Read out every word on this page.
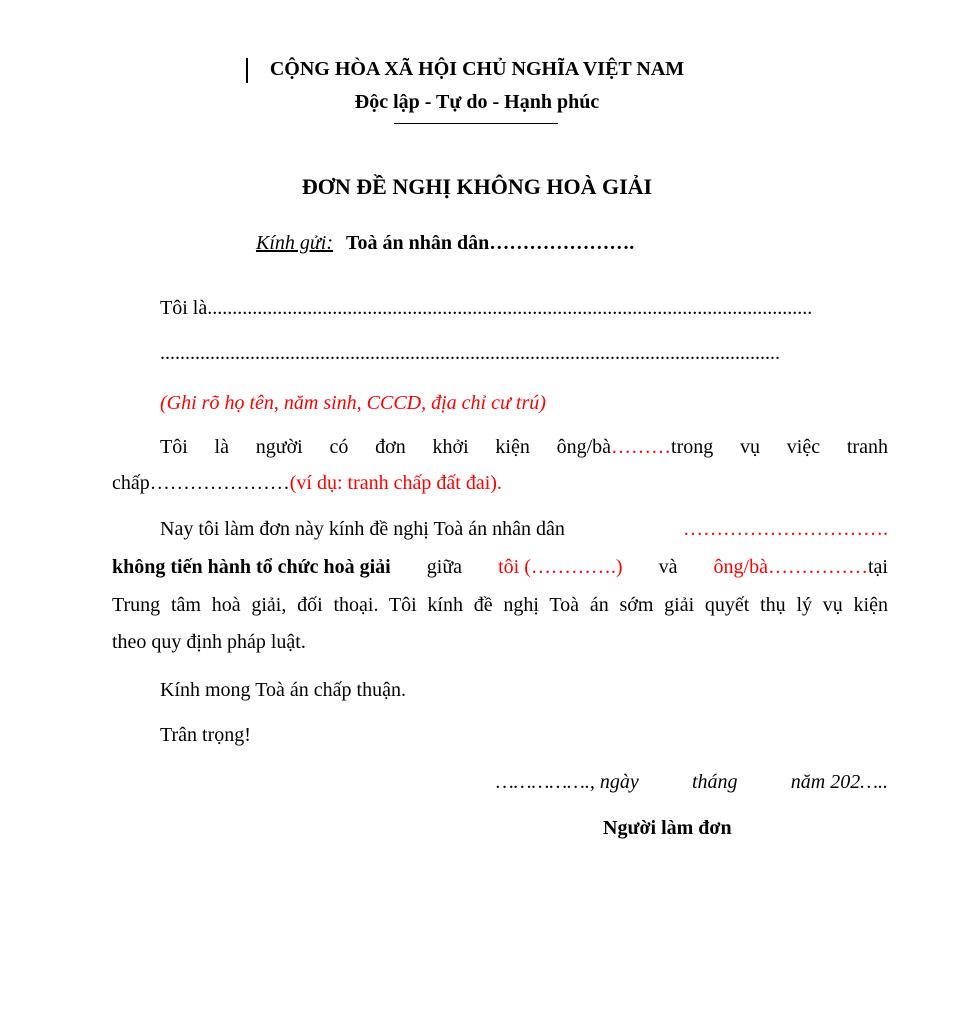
CỘNG HÒA XÃ HỘI CHỦ NGHĨA VIỆT NAM
Độc lập - Tự do - Hạnh phúc
ĐƠN ĐỀ NGHỊ KHÔNG HOÀ GIẢI
Kính gửi: Toà án nhân dân………………….
Tôi là.........................................................................................................................
............................................................................................................................
(Ghi rõ họ tên, năm sinh, CCCD, địa chỉ cư trú)
Tôi là người có đơn khởi kiện ông/bà………trong vụ việc tranh
chấp…………………(ví dụ: tranh chấp đất đai).
Nay tôi làm đơn này kính đề nghị Toà án nhân dân	………………………….
không tiến hành tổ chức hoà giải giữa tôi (………….) và ông/bà……………tại
Trung tâm hoà giải, đối thoại. Tôi kính đề nghị Toà án sớm giải quyết thụ lý vụ kiện
theo quy định pháp luật.
Kính mong Toà án chấp thuận.
Trân trọng!
……………., ngày	tháng	năm 202…..
Người làm đơn
